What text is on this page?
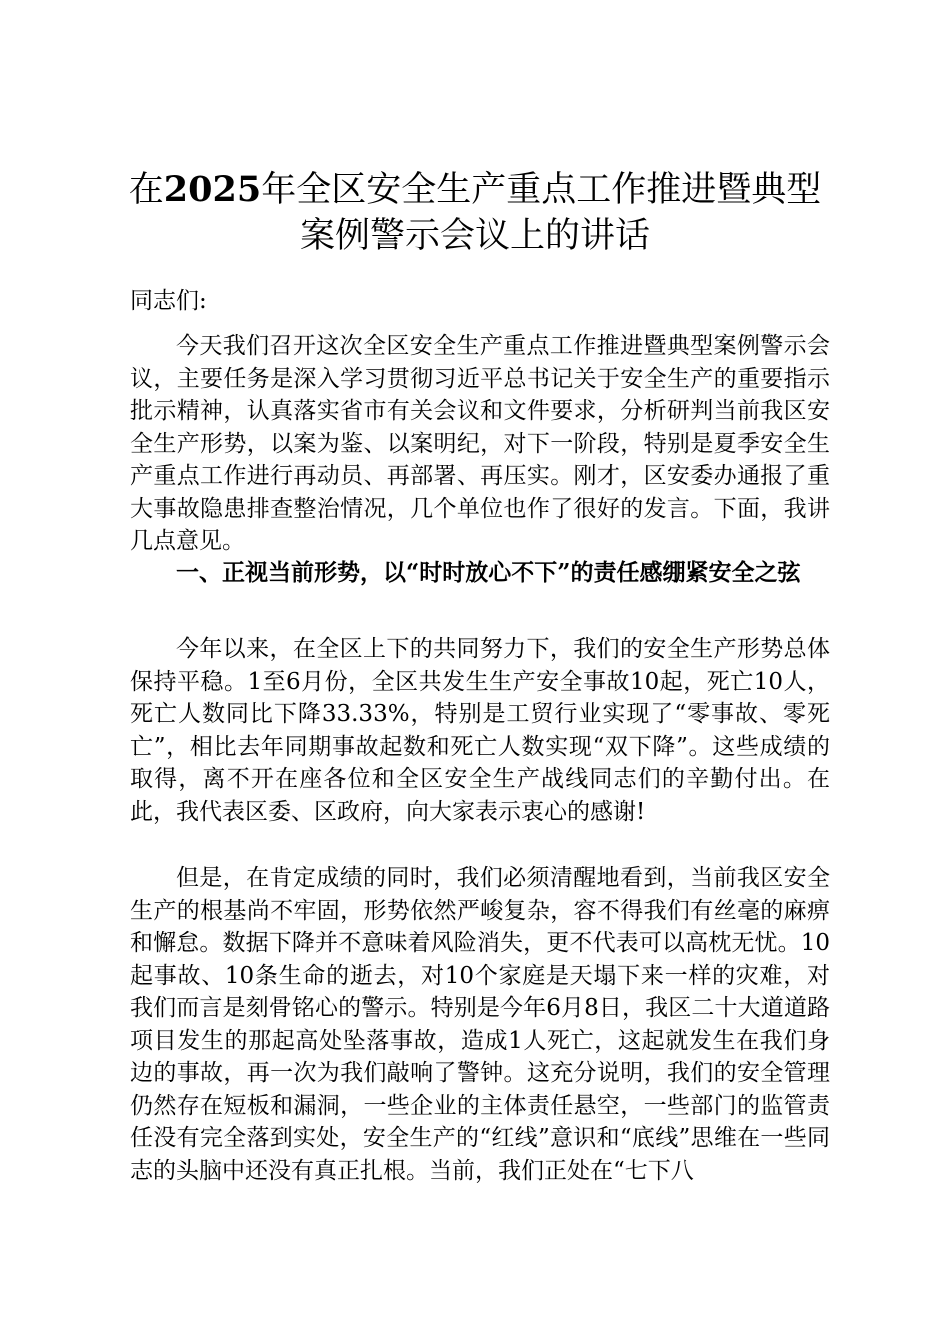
在2025年全区安全生产重点工作推进暨典型
案例警示会议上的讲话

同志们:

今天我们召开这次全区安全生产重点工作推进暨典型案例警示会议，主要任务是深入学习贯彻习近平总书记关于安全生产的重要指示批示精神，认真落实省市有关会议和文件要求，分析研判当前我区安全生产形势，以案为鉴、以案明纪，对下一阶段，特别是夏季安全生产重点工作进行再动员、再部署、再压实。刚才，区安委办通报了重大事故隐患排查整治情况，几个单位也作了很好的发言。下面，我讲几点意见。

一、正视当前形势，以“时时放心不下”的责任感绷紧安全之弦

今年以来，在全区上下的共同努力下，我们的安全生产形势总体保持平稳。1至6月份，全区共发生生产安全事故10起，死亡10人，死亡人数同比下降33.33%，特别是工贸行业实现了“零事故、零死亡”，相比去年同期事故起数和死亡人数实现“双下降”。这些成绩的取得，离不开在座各位和全区安全生产战线同志们的辛勤付出。在此，我代表区委、区政府，向大家表示衷心的感谢!

但是，在肯定成绩的同时，我们必须清醒地看到，当前我区安全生产的根基尚不牢固，形势依然严峻复杂，容不得我们有丝毫的麻痹和懈怠。数据下降并不意味着风险消失，更不代表可以高枕无忧。10起事故、10条生命的逝去，对10个家庭是天塌下来一样的灾难，对我们而言是刻骨铭心的警示。特别是今年6月8日，我区二十大道道路项目发生的那起高处坠落事故，造成1人死亡，这起就发生在我们身边的事故，再一次为我们敲响了警钟。这充分说明，我们的安全管理仍然存在短板和漏洞，一些企业的主体责任悬空，一些部门的监管责任没有完全落到实处，安全生产的“红线”意识和“底线”思维在一些同志的头脑中还没有真正扎根。当前，我们正处在“七下八
